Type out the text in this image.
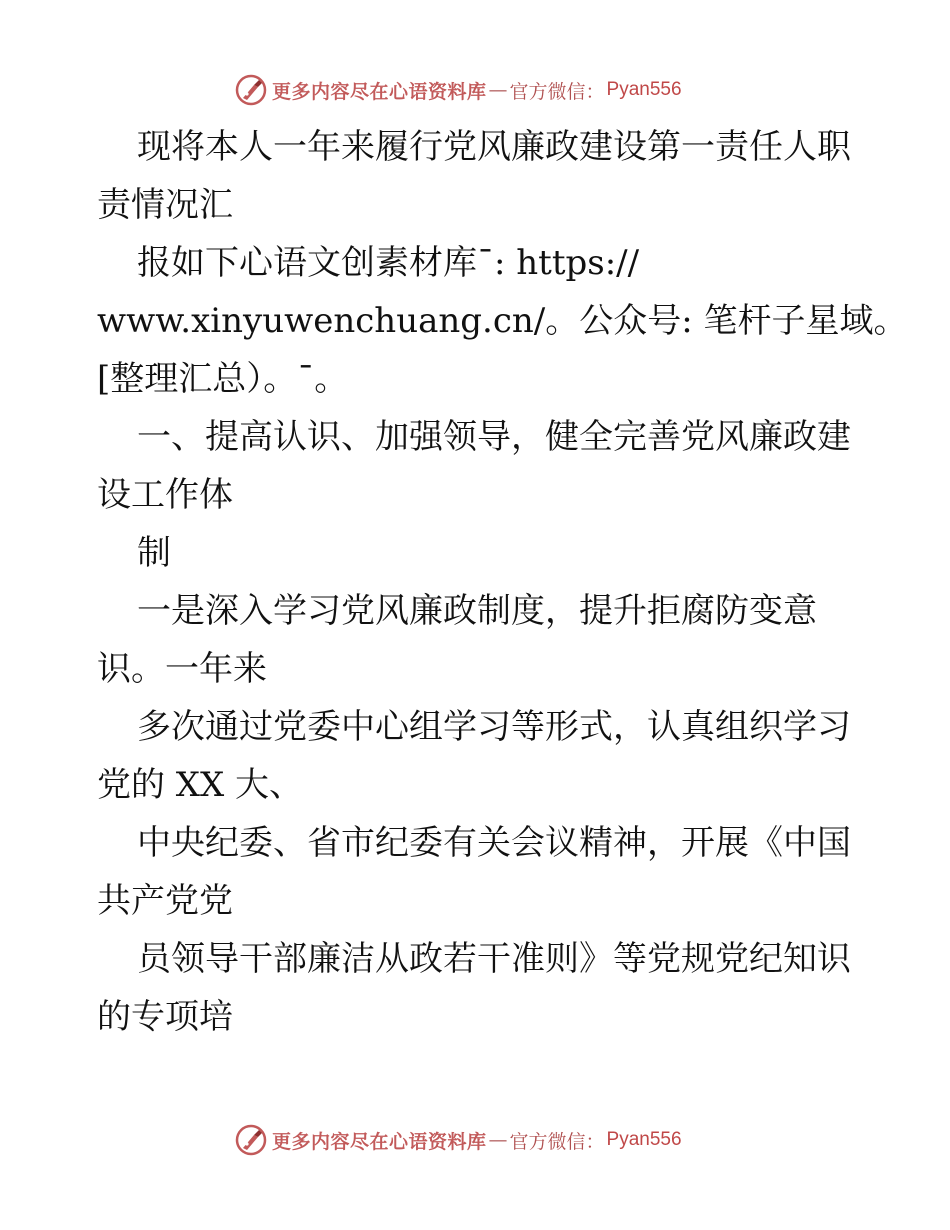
更多内容尽在心语资料库 — 官方微信： Pyan556
现将本人一年来履行党风廉政建设第一责任人职
责情况汇
报如下心语文创素材库¯: https://
www.xinyuwenchuang.cn/。公众号: 笔杆子星域。
[整理汇总）。¯。
一、提高认识、加强领导，健全完善党风廉政建
设工作体
制
一是深入学习党风廉政制度，提升拒腐防变意
识。一年来
多次通过党委中心组学习等形式，认真组织学习
党的 XX 大、
中央纪委、省市纪委有关会议精神，开展《中国
共产党党
员领导干部廉洁从政若干准则》等党规党纪知识
的专项培
更多内容尽在心语资料库 — 官方微信： Pyan556
